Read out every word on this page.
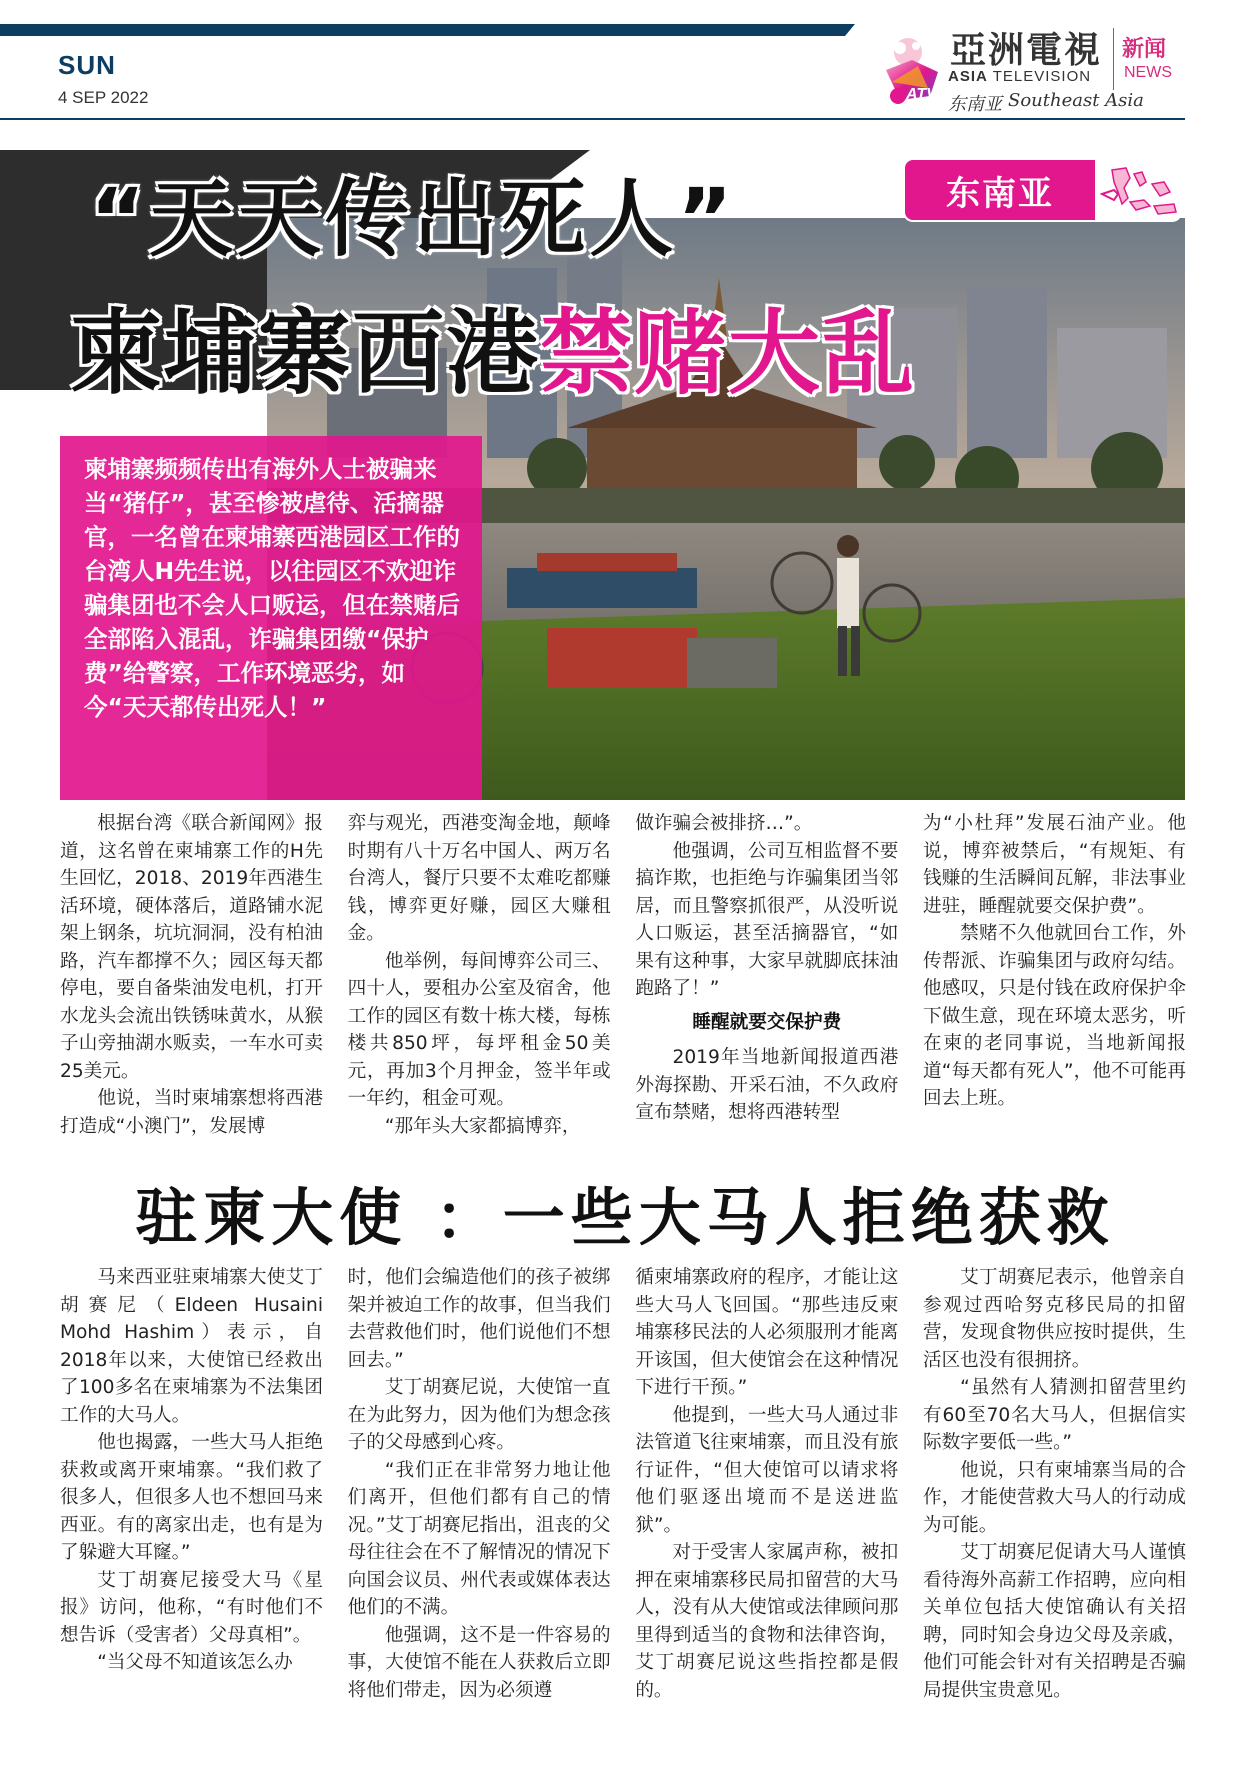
SUN
4 SEP 2022
亞洲電視
ASIA TELEVISION
ATV 东南亚 Southeast Asia
新闻
NEWS
“天天传出死人”
柬埔寨西港禁赌大乱
东南亚
柬埔寨频频传出有海外人士被骗来当“猪仔”，甚至惨被虐待、活摘器官，一名曾在柬埔寨西港园区工作的台湾人H先生说，以往园区不欢迎诈骗集团也不会人口贩运，但在禁赌后全部陷入混乱，诈骗集团缴“保护费”给警察，工作环境恶劣，如今“天天都传出死人！”

根据台湾《联合新闻网》报道，这名曾在柬埔寨工作的H先生回忆，2018、2019年西港生活环境，硬体落后，道路铺水泥架上钢条，坑坑洞洞，没有柏油路，汽车都撑不久；园区每天都停电，要自备柴油发电机，打开水龙头会流出铁锈味黄水，从猴子山旁抽湖水贩卖，一车水可卖25美元。

他说，当时柬埔寨想将西港打造成“小澳门”，发展博

弈与观光，西港变淘金地，颠峰时期有八十万名中国人、两万名台湾人，餐厅只要不太难吃都赚钱，博弈更好赚，园区大赚租金。

他举例，每间博弈公司三、四十人，要租办公室及宿舍，他工作的园区有数十栋大楼，每栋楼共850坪，每坪租金50美元，再加3个月押金，签半年或一年约，租金可观。

“那年头大家都搞博弈，

做诈骗会被排挤…”。

他强调，公司互相监督不要搞诈欺，也拒绝与诈骗集团当邻居，而且警察抓很严，从没听说人口贩运，甚至活摘器官，“如果有这种事，大家早就脚底抹油跑路了！”

睡醒就要交保护费

2019年当地新闻报道西港外海探勘、开采石油，不久政府宣布禁赌，想将西港转型

为“小杜拜”发展石油产业。他说，博弈被禁后，“有规矩、有钱赚的生活瞬间瓦解，非法事业进驻，睡醒就要交保护费”。

禁赌不久他就回台工作，外传帮派、诈骗集团与政府勾结。他感叹，只是付钱在政府保护伞下做生意，现在环境太恶劣，听在柬的老同事说，当地新闻报道“每天都有死人”，他不可能再回去上班。

驻柬大使 ：一些大马人拒绝获救

马来西亚驻柬埔寨大使艾丁胡赛尼（Eldeen Husaini Mohd Hashim）表示，自2018年以来，大使馆已经救出了100多名在柬埔寨为不法集团工作的大马人。

他也揭露，一些大马人拒绝获救或离开柬埔寨。“我们救了很多人，但很多人也不想回马来西亚。有的离家出走，也有是为了躲避大耳窿。”

艾丁胡赛尼接受大马《星报》访问，他称，“有时他们不想告诉（受害者）父母真相”。

“当父母不知道该怎么办

时，他们会编造他们的孩子被绑架并被迫工作的故事，但当我们去营救他们时，他们说他们不想回去。”

艾丁胡赛尼说，大使馆一直在为此努力，因为他们为想念孩子的父母感到心疼。

“我们正在非常努力地让他们离开，但他们都有自己的情况。”艾丁胡赛尼指出，沮丧的父母往往会在不了解情况的情况下向国会议员、州代表或媒体表达他们的不满。

他强调，这不是一件容易的事，大使馆不能在人获救后立即将他们带走，因为必须遵

循柬埔寨政府的程序，才能让这些大马人飞回国。“那些违反柬埔寨移民法的人必须服刑才能离开该国，但大使馆会在这种情况下进行干预。”

他提到，一些大马人通过非法管道飞往柬埔寨，而且没有旅行证件，“但大使馆可以请求将他们驱逐出境而不是送进监狱”。

对于受害人家属声称，被扣押在柬埔寨移民局扣留营的大马人，没有从大使馆或法律顾问那里得到适当的食物和法律咨询，艾丁胡赛尼说这些指控都是假的。

艾丁胡赛尼表示，他曾亲自参观过西哈努克移民局的扣留营，发现食物供应按时提供，生活区也没有很拥挤。

“虽然有人猜测扣留营里约有60至70名大马人，但据信实际数字要低一些。”

他说，只有柬埔寨当局的合作，才能使营救大马人的行动成为可能。

艾丁胡赛尼促请大马人谨慎看待海外高薪工作招聘，应向相关单位包括大使馆确认有关招聘，同时知会身边父母及亲戚，他们可能会针对有关招聘是否骗局提供宝贵意见。
